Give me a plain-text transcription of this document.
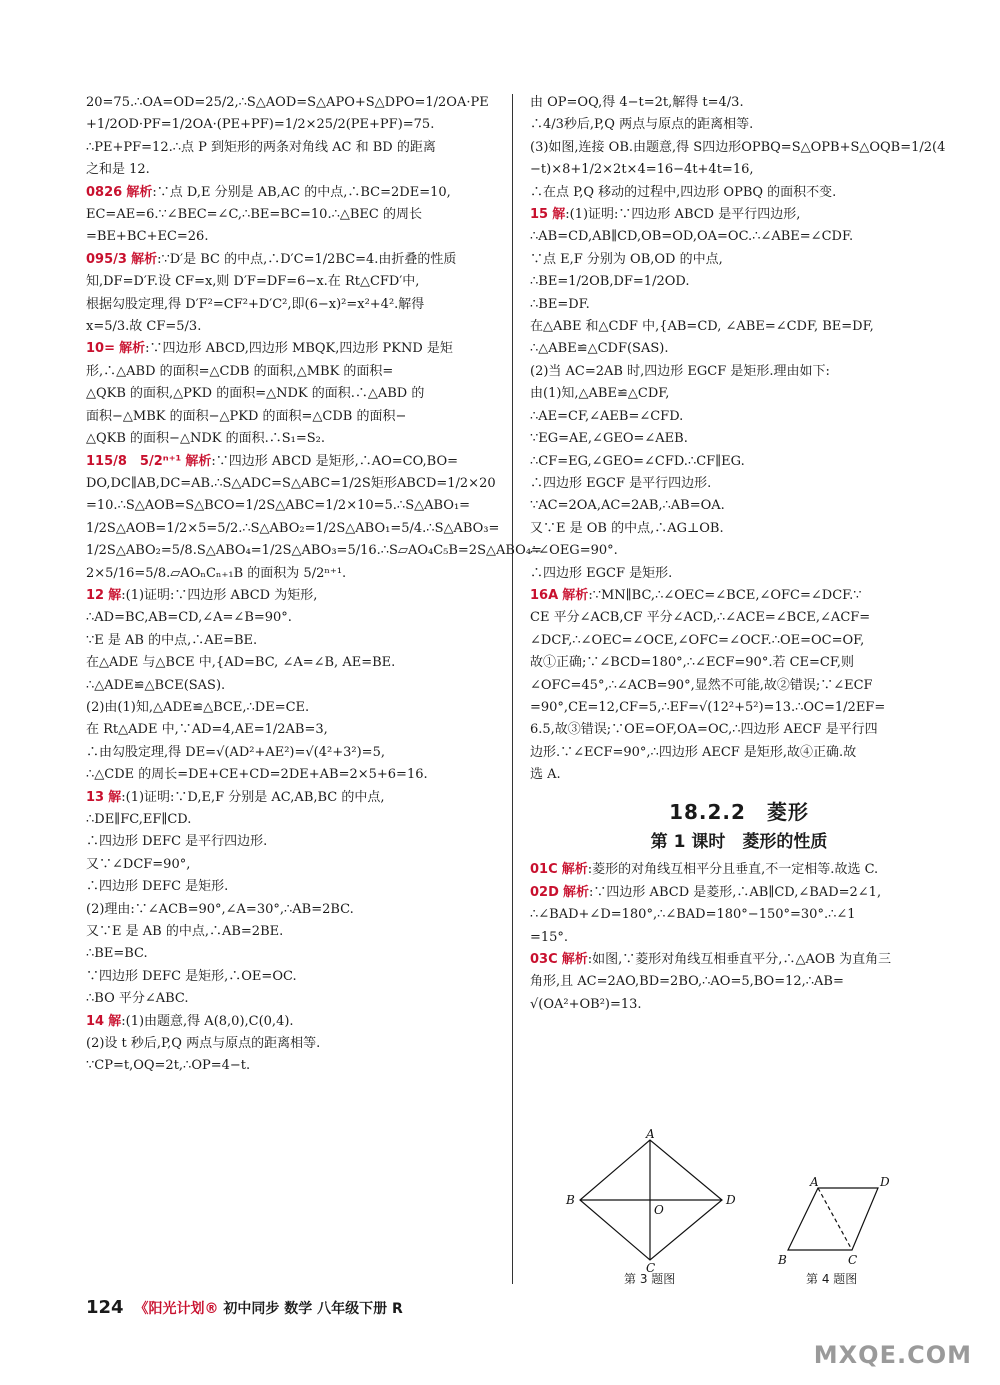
20=75.∴OA=OD=25/2,∴S△AOD=S△APO+S△DPO=1/2OA·PE
+1/2OD·PF=1/2OA·(PE+PF)=1/2×25/2(PE+PF)=75.
∴PE+PF=12.∴点 P 到矩形的两条对角线 AC 和 BD 的距离
之和是 12.
0826 解析:∵点 D,E 分别是 AB,AC 的中点,∴BC=2DE=10,
EC=AE=6.∵∠BEC=∠C,∴BE=BC=10.∴△BEC 的周长
=BE+BC+EC=26.
095/3 解析:∵D′是 BC 的中点,∴D′C=1/2BC=4.由折叠的性质
知,DF=D′F.设 CF=x,则 D′F=DF=6−x.在 Rt△CFD′中,
根据勾股定理,得 D′F²=CF²+D′C²,即(6−x)²=x²+4².解得
x=5/3.故 CF=5/3.
10= 解析:∵四边形 ABCD,四边形 MBQK,四边形 PKND 是矩
形,∴△ABD 的面积=△CDB 的面积,△MBK 的面积=
△QKB 的面积,△PKD 的面积=△NDK 的面积.∴△ABD 的
面积−△MBK 的面积−△PKD 的面积=△CDB 的面积−
△QKB 的面积−△NDK 的面积.∴S₁=S₂.
115/8　5/2ⁿ⁺¹ 解析:∵四边形 ABCD 是矩形,∴AO=CO,BO=
DO,DC∥AB,DC=AB.∴S△ADC=S△ABC=1/2S矩形ABCD=1/2×20
=10.∴S△AOB=S△BCO=1/2S△ABC=1/2×10=5.∴S△ABO₁=
1/2S△AOB=1/2×5=5/2.∴S△ABO₂=1/2S△ABO₁=5/4.∴S△ABO₃=
1/2S△ABO₂=5/8.S△ABO₄=1/2S△ABO₃=5/16.∴S▱AO₄C₅B=2S△ABO₄=
2×5/16=5/8.▱AOₙCₙ₊₁B 的面积为 5/2ⁿ⁺¹.
12 解:(1)证明:∵四边形 ABCD 为矩形,
∴AD=BC,AB=CD,∠A=∠B=90°.
∵E 是 AB 的中点,∴AE=BE.
在△ADE 与△BCE 中,{AD=BC, ∠A=∠B, AE=BE.
∴△ADE≌△BCE(SAS).
(2)由(1)知,△ADE≌△BCE,∴DE=CE.
在 Rt△ADE 中,∵AD=4,AE=1/2AB=3,
∴由勾股定理,得 DE=√(AD²+AE²)=√(4²+3²)=5,
∴△CDE 的周长=DE+CE+CD=2DE+AB=2×5+6=16.
13 解:(1)证明:∵D,E,F 分别是 AC,AB,BC 的中点,
∴DE∥FC,EF∥CD.
∴四边形 DEFC 是平行四边形.
又∵∠DCF=90°,
∴四边形 DEFC 是矩形.
(2)理由:∵∠ACB=90°,∠A=30°,∴AB=2BC.
又∵E 是 AB 的中点,∴AB=2BE.
∴BE=BC.
∵四边形 DEFC 是矩形,∴OE=OC.
∴BO 平分∠ABC.
14 解:(1)由题意,得 A(8,0),C(0,4).
(2)设 t 秒后,P,Q 两点与原点的距离相等.
∵CP=t,OQ=2t,∴OP=4−t.
由 OP=OQ,得 4−t=2t,解得 t=4/3.
∴4/3秒后,P,Q 两点与原点的距离相等.
(3)如图,连接 OB.由题意,得 S四边形OPBQ=S△OPB+S△OQB=1/2(4
−t)×8+1/2×2t×4=16−4t+4t=16,
∴在点 P,Q 移动的过程中,四边形 OPBQ 的面积不变.
15 解:(1)证明:∵四边形 ABCD 是平行四边形,
∴AB=CD,AB∥CD,OB=OD,OA=OC.∴∠ABE=∠CDF.
∵点 E,F 分别为 OB,OD 的中点,
∴BE=1/2OB,DF=1/2OD.
∴BE=DF.
在△ABE 和△CDF 中,{AB=CD, ∠ABE=∠CDF, BE=DF,
∴△ABE≌△CDF(SAS).
(2)当 AC=2AB 时,四边形 EGCF 是矩形.理由如下:
由(1)知,△ABE≌△CDF,
∴AE=CF,∠AEB=∠CFD.
∵EG=AE,∠GEO=∠AEB.
∴CF=EG,∠GEO=∠CFD.∴CF∥EG.
∴四边形 EGCF 是平行四边形.
∵AC=2OA,AC=2AB,∴AB=OA.
又∵E 是 OB 的中点,∴AG⊥OB.
∴∠OEG=90°.
∴四边形 EGCF 是矩形.
16A 解析:∵MN∥BC,∴∠OEC=∠BCE,∠OFC=∠DCF.∵
CE 平分∠ACB,CF 平分∠ACD,∴∠ACE=∠BCE,∠ACF=
∠DCF,∴∠OEC=∠OCE,∠OFC=∠OCF.∴OE=OC=OF,
故①正确;∵∠BCD=180°,∴∠ECF=90°.若 CE=CF,则
∠OFC=45°,∴∠ACB=90°,显然不可能,故②错误;∵∠ECF
=90°,CE=12,CF=5,∴EF=√(12²+5²)=13.∴OC=1/2EF=
6.5,故③错误;∵OE=OF,OA=OC,∴四边形 AECF 是平行四
边形.∵∠ECF=90°,∴四边形 AECF 是矩形,故④正确.故
选 A.
18.2.2　菱形
第 1 课时　菱形的性质
01C 解析:菱形的对角线互相平分且垂直,不一定相等.故选 C.
02D 解析:∵四边形 ABCD 是菱形,∴AB∥CD,∠BAD=2∠1,
∴∠BAD+∠D=180°,∴∠BAD=180°−150°=30°.∴∠1
=15°.
03C 解析:如图,∵菱形对角线互相垂直平分,∴△AOB 为直角三
角形,且 AC=2AO,BD=2BO,∴AO=5,BO=12,∴AB=
√(OA²+OB²)=13.
A
B
C
D
O
A	D
B	C
第 3 题图	第 4 题图
124 《阳光计划® 初中同步 数学 八年级下册 R
MXQE.COM
